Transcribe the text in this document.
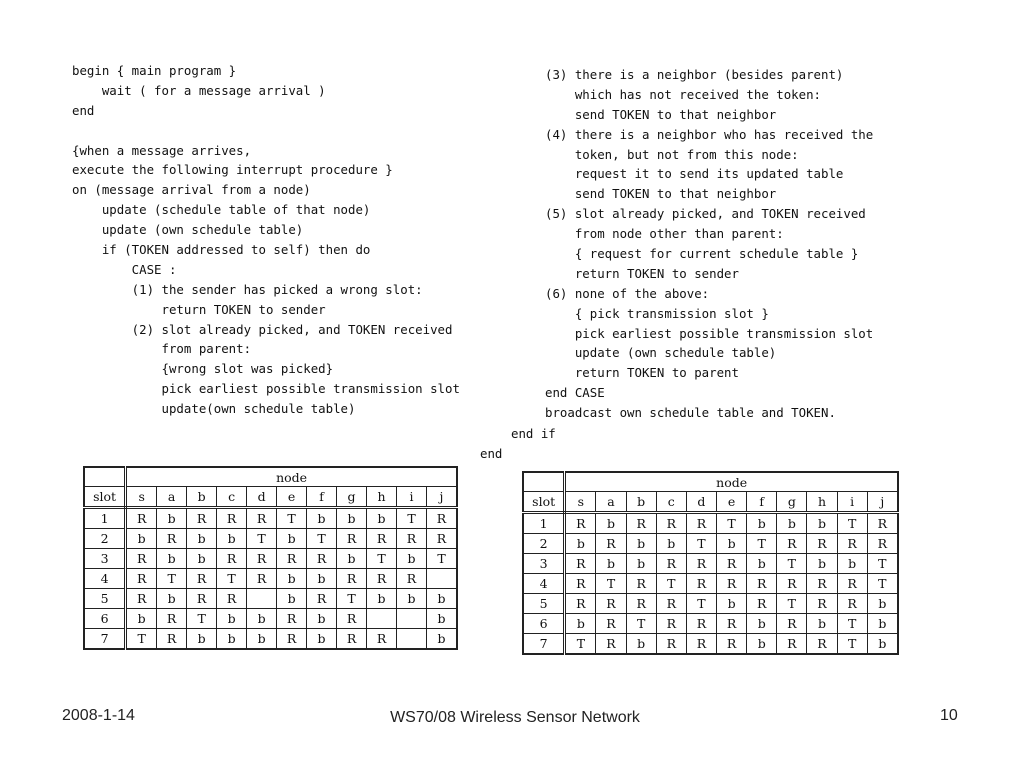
begin { main program }
wait ( for a message arrival )
end

{when a message arrives,
execute the following interrupt procedure }
on (message arrival from a node)
update (schedule table of that node)
update (own schedule table)
if (TOKEN addressed to self) then do
CASE :
(1) the sender has picked a wrong slot:
return TOKEN to sender
(2) slot already picked, and TOKEN received
from parent:
{wrong slot was picked}
pick earliest possible transmission slot
update(own schedule table)
(3) there is a neighbor (besides parent)
which has not received the token:
send TOKEN to that neighbor
(4) there is a neighbor who has received the
token, but not from this node:
request it to send its updated table
send TOKEN to that neighbor
(5) slot already picked, and TOKEN received
from node other than parent:
{ request for current schedule table }
return TOKEN to sender
(6) none of the above:
{ pick transmission slot }
pick earliest possible transmission slot
update (own schedule table)
return TOKEN to parent
end CASE
broadcast own schedule table and TOKEN.
end if
end
	node										
slot	s	a	b	c	d	e	f	g	h	i	j
1	R	b	R	R	R	T	b	b	b	T	R
2	b	R	b	b	T	b	T	R	R	R	R
3	R	b	b	R	R	R	R	b	T	b	T
4	R	T	R	T	R	b	b	R	R	R	
5	R	b	R	R		b	R	T	b	b	b
6	b	R	T	b	b	R	b	R			b
7	T	R	b	b	b	R	b	R	R		b
	node										
slot	s	a	b	c	d	e	f	g	h	i	j
1	R	b	R	R	R	T	b	b	b	T	R
2	b	R	b	b	T	b	T	R	R	R	R
3	R	b	b	R	R	R	b	T	b	b	T
4	R	T	R	T	R	R	R	R	R	R	T
5	R	R	R	R	T	b	R	T	R	R	b
6	b	R	T	R	R	R	b	R	b	T	b
7	T	R	b	R	R	R	b	R	R	T	b
2008-1-14	WS70/08 Wireless Sensor Network	10
